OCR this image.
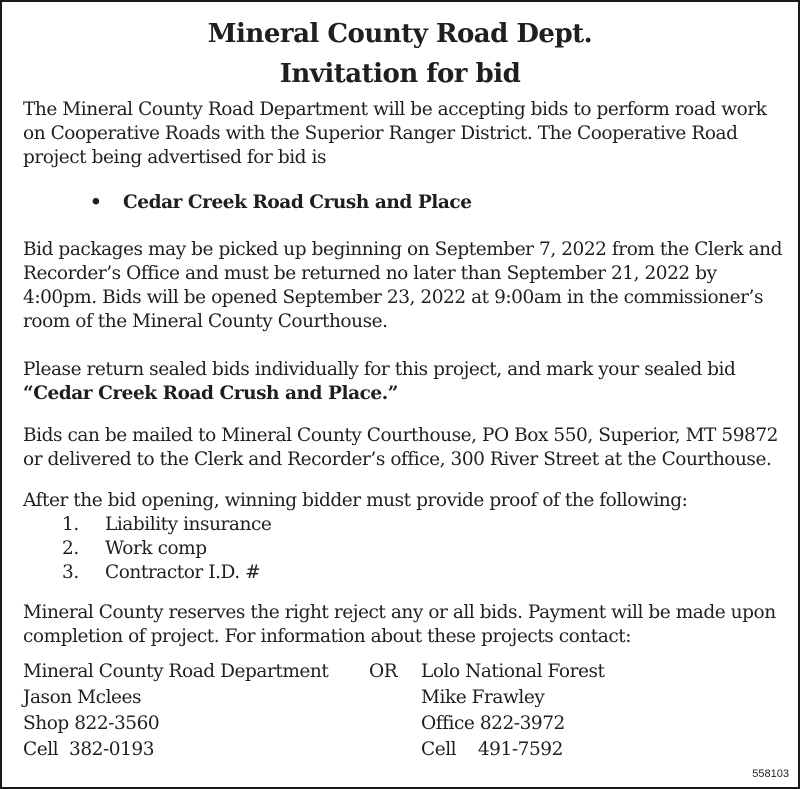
Mineral County Road Dept.
Invitation for bid
The Mineral County Road Department will be accepting bids to perform road work on Cooperative Roads with the Superior Ranger District. The Cooperative Road project being advertised for bid is
• Cedar Creek Road Crush and Place
Bid packages may be picked up beginning on September 7, 2022 from the Clerk and Recorder’s Office and must be returned no later than September 21, 2022 by 4:00pm. Bids will be opened September 23, 2022 at 9:00am in the commissioner’s room of the Mineral County Courthouse.
Please return sealed bids individually for this project, and mark your sealed bid
“Cedar Creek Road Crush and Place.”
Bids can be mailed to Mineral County Courthouse, PO Box 550, Superior, MT 59872 or delivered to the Clerk and Recorder’s office, 300 River Street at the Courthouse.
After the bid opening, winning bidder must provide proof of the following:
1. Liability insurance
2. Work comp
3. Contractor I.D. #
Mineral County reserves the right reject any or all bids. Payment will be made upon completion of project. For information about these projects contact:
Mineral County Road Department
Jason Mclees
Shop 822-3560
Cell  382-0193
OR Lolo National Forest
Mike Frawley
Office 822-3972
Cell    491-7592
558103
